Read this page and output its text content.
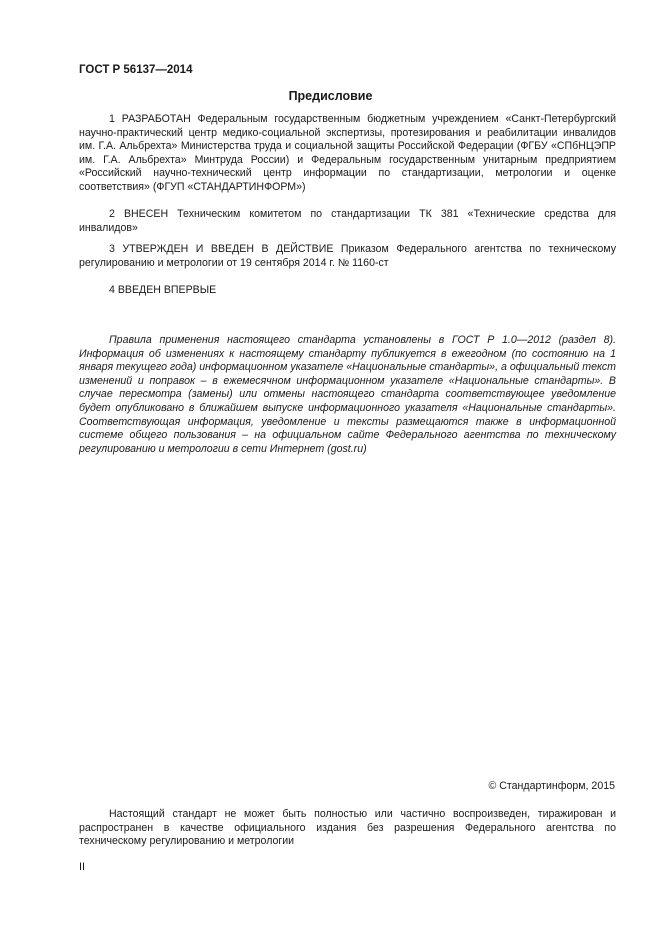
ГОСТ Р 56137—2014
Предисловие
1 РАЗРАБОТАН Федеральным государственным бюджетным учреждением «Санкт-Петербургский научно-практический центр медико-социальной экспертизы, протезирования и реабилитации инвалидов им. Г.А. Альбрехта» Министерства труда и социальной защиты Российской Федерации (ФГБУ «СПбНЦЭПР им. Г.А. Альбрехта» Минтруда России) и Федеральным государственным унитарным предприятием «Российский научно-технический центр информации по стандартизации, метрологии и оценке соответствия» (ФГУП «СТАНДАРТИНФОРМ»)
2 ВНЕСЕН Техническим комитетом по стандартизации ТК 381 «Технические средства для инвалидов»
3 УТВЕРЖДЕН И ВВЕДЕН В ДЕЙСТВИЕ Приказом Федерального агентства по техническому регулированию и метрологии от 19 сентября 2014 г. № 1160-ст
4 ВВЕДЕН ВПЕРВЫЕ
Правила применения настоящего стандарта установлены в ГОСТ Р 1.0—2012 (раздел 8). Информация об изменениях к настоящему стандарту публикуется в ежегодном (по состоянию на 1 января текущего года) информационном указателе «Национальные стандарты», а официальный текст изменений и поправок – в ежемесячном информационном указателе «Национальные стандарты». В случае пересмотра (замены) или отмены настоящего стандарта соответствующее уведомление будет опубликовано в ближайшем выпуске информационного указателя «Национальные стандарты». Соответствующая информация, уведомление и тексты размещаются также в информационной системе общего пользования – на официальном сайте Федерального агентства по техническому регулированию и метрологии в сети Интернет (gost.ru)
© Стандартинформ, 2015
Настоящий стандарт не может быть полностью или частично воспроизведен, тиражирован и распространен в качестве официального издания без разрешения Федерального агентства по техническому регулированию и метрологии
II
